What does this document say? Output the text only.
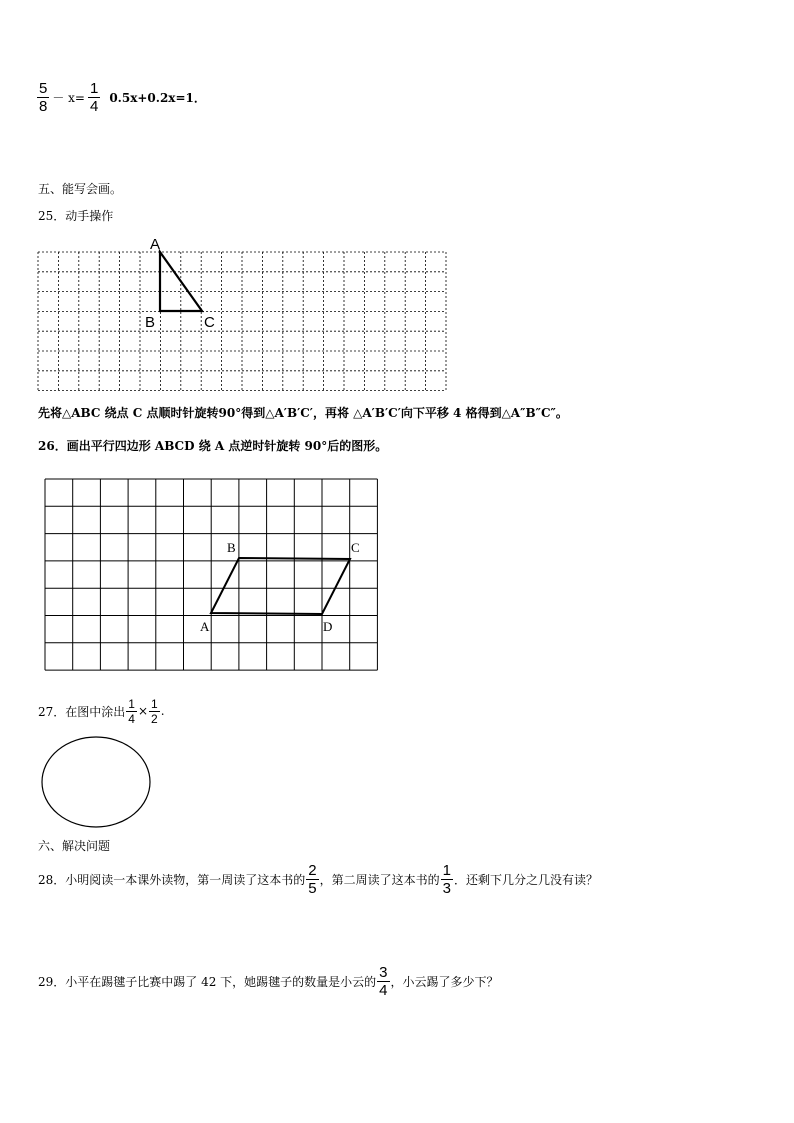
$\frac{5}{8} - x= \frac{1}{4} 0.5x+0.2x=1$．
五、能写会画。
25．动手操作
A
B	C
先将△ABC 绕点 C 点顺时针旋转90°得到△A′B′C′，再将 △A′B′C′向下平移 4 格得到△A″B″C″。
26．画出平行四边形 ABCD 绕 A 点逆时针旋转 90°后的图形。
A
B	C
D
27．在图中涂出 $\frac{1}{4} \times \frac{1}{2}$ .
六、解决问题
28．小明阅读一本课外读物，第一周读了这本书的 $\frac{2}{5}$ ，第二周读了这本书的 $\frac{1}{3}$ ．还剩下几分之几没有读？
29．小平在踢毽子比赛中踢了 42 下，她踢毽子的数量是小云的 $\frac{3}{4}$ ，小云踢了多少下？
